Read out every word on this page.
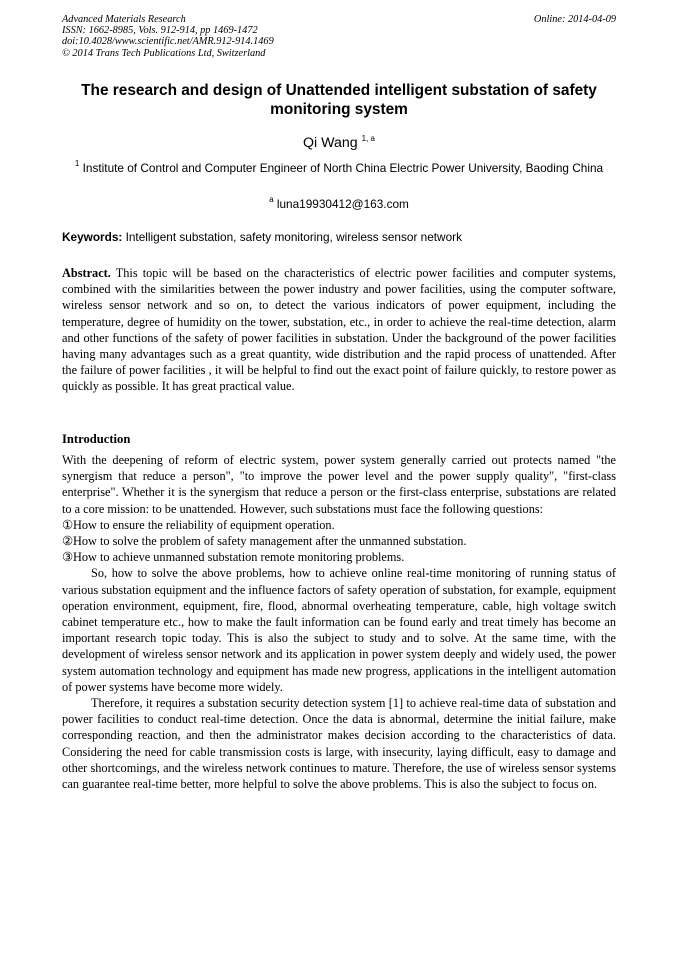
Advanced Materials Research
ISSN: 1662-8985, Vols. 912-914, pp 1469-1472
doi:10.4028/www.scientific.net/AMR.912-914.1469
© 2014 Trans Tech Publications Ltd, Switzerland
Online: 2014-04-09
The research and design of Unattended intelligent substation of safety monitoring system
Qi Wang $^{1, a}$
$^1$ Institute of Control and Computer Engineer of North China Electric Power University, Baoding China
$^a$ luna19930412@163.com
Keywords: Intelligent substation, safety monitoring, wireless sensor network

Abstract. This topic will be based on the characteristics of electric power facilities and computer systems, combined with the similarities between the power industry and power facilities, using the computer software, wireless sensor network and so on, to detect the various indicators of power equipment, including the temperature, degree of humidity on the tower, substation, etc., in order to achieve the real-time detection, alarm and other functions of the safety of power facilities in substation. Under the background of the power facilities having many advantages such as a great quantity, wide distribution and the rapid process of unattended. After the failure of power facilities , it will be helpful to find out the exact point of failure quickly, to restore power as quickly as possible. It has great practical value.

Introduction

With the deepening of reform of electric system, power system generally carried out protects named "the synergism that reduce a person", "to improve the power level and the power supply quality", "first-class enterprise". Whether it is the synergism that reduce a person or the first-class enterprise, substations are related to a core mission: to be unattended. However, such substations must face the following questions:

①How to ensure the reliability of equipment operation.
②How to solve the problem of safety management after the unmanned substation.
③How to achieve unmanned substation remote monitoring problems.

So, how to solve the above problems, how to achieve online real-time monitoring of running status of various substation equipment and the influence factors of safety operation of substation, for example, equipment operation environment, equipment, fire, flood, abnormal overheating temperature, cable, high voltage switch cabinet temperature etc., how to make the fault information can be found early and treat timely has become an important research topic today. This is also the subject to study and to solve. At the same time, with the development of wireless sensor network and its application in power system deeply and widely used, the power system automation technology and equipment has made new progress, applications in the intelligent automation of power systems have become more widely.

Therefore, it requires a substation security detection system [1] to achieve real-time data of substation and power facilities to conduct real-time detection. Once the data is abnormal, determine the initial failure, make corresponding reaction, and then the administrator makes decision according to the characteristics of data. Considering the need for cable transmission costs is large, with insecurity, laying difficult, easy to damage and other shortcomings, and the wireless network continues to mature. Therefore, the use of wireless sensor systems can guarantee real-time better, more helpful to solve the above problems. This is also the subject to focus on.
